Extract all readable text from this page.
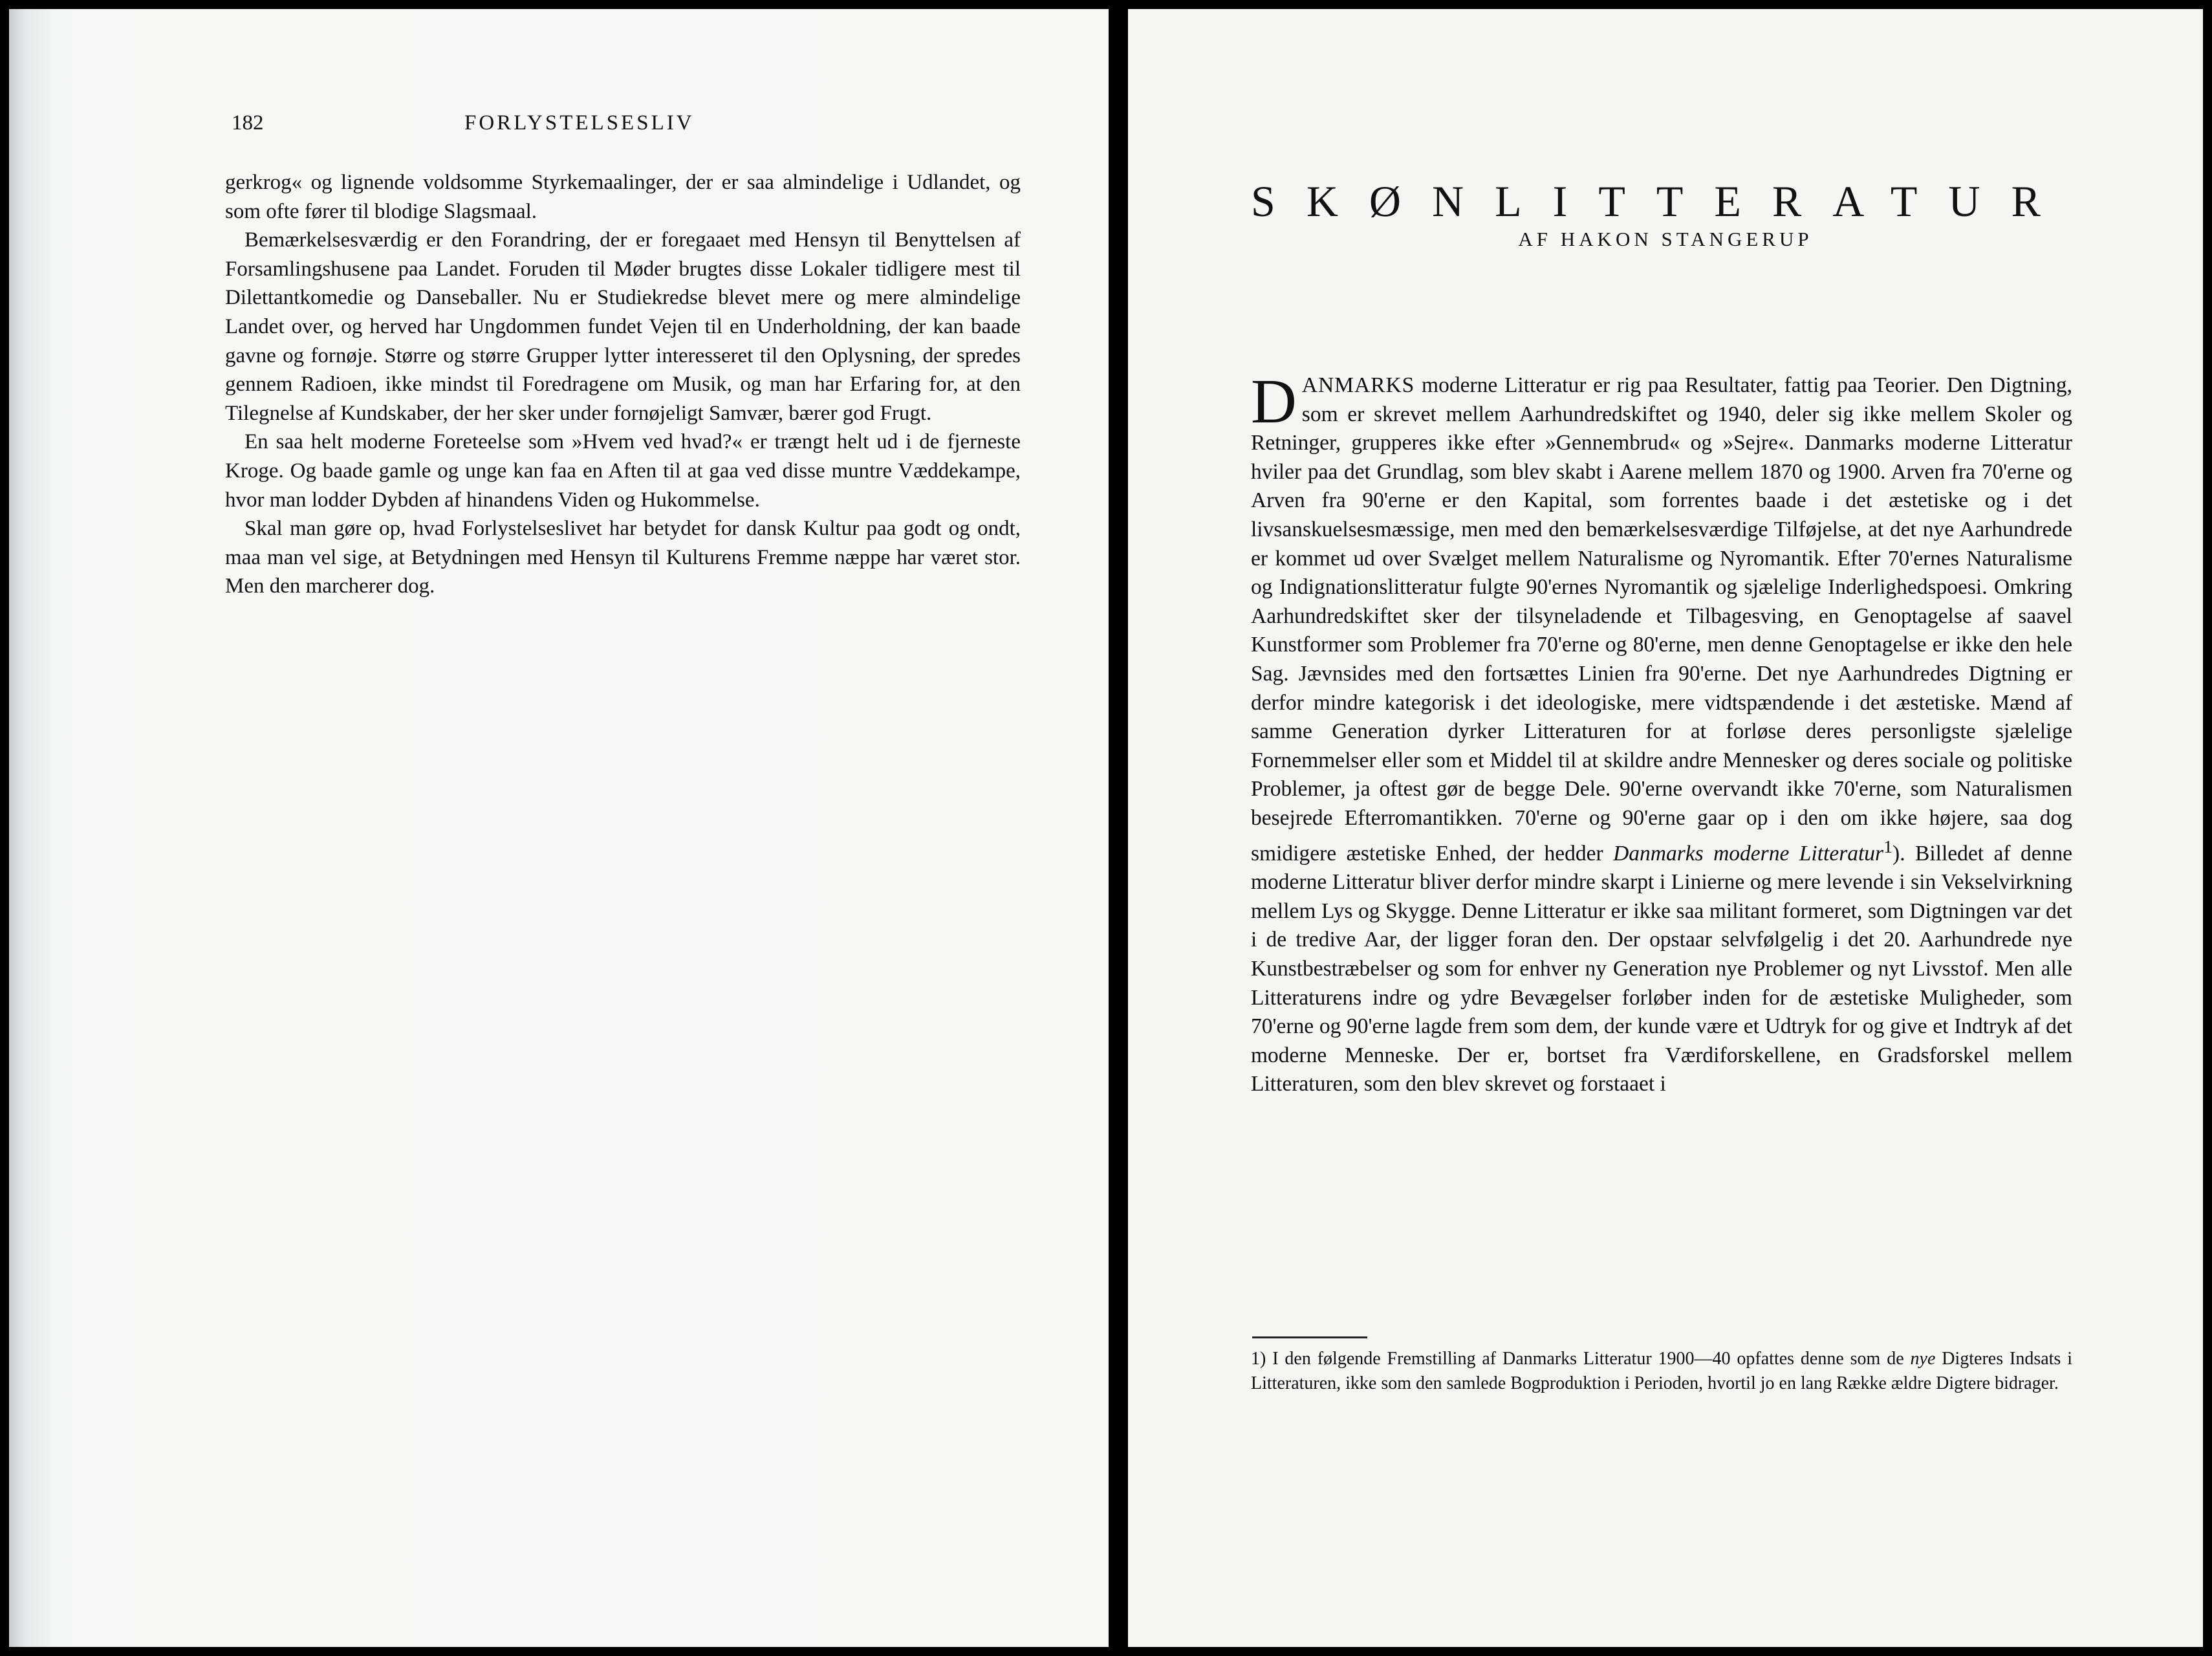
182	FORLYSTELSESLIV

gerkrog« og lignende voldsomme Styrkemaalinger, der er saa almindelige i Udlandet, og som ofte fører til blodige Slagsmaal.

Bemærkelsesværdig er den Forandring, der er foregaaet med Hensyn til Benyttelsen af Forsamlingshusene paa Landet. Foruden til Møder brugtes disse Lokaler tidligere mest til Dilettantkomedie og Danseballer. Nu er Studiekredse blevet mere og mere almindelige Landet over, og herved har Ungdommen fundet Vejen til en Underholdning, der kan baade gavne og fornøje. Større og større Grupper lytter interesseret til den Oplysning, der spredes gennem Radioen, ikke mindst til Foredragene om Musik, og man har Erfaring for, at den Tilegnelse af Kundskaber, der her sker under fornøjeligt Samvær, bærer god Frugt.

En saa helt moderne Foreteelse som »Hvem ved hvad?« er trængt helt ud i de fjerneste Kroge. Og baade gamle og unge kan faa en Aften til at gaa ved disse muntre Væddekampe, hvor man lodder Dybden af hinandens Viden og Hukommelse.

Skal man gøre op, hvad Forlystelseslivet har betydet for dansk Kultur paa godt og ondt, maa man vel sige, at Betydningen med Hensyn til Kulturens Fremme næppe har været stor. Men den marcherer dog.

SKØNLITTERATUR
AF HAKON STANGERUP

DANMARKS moderne Litteratur er rig paa Resultater, fattig paa Teorier. Den Digtning, som er skrevet mellem Aarhundredskiftet og 1940, deler sig ikke mellem Skoler og Retninger, grupperes ikke efter »Gennembrud« og »Sejre«. Danmarks moderne Litteratur hviler paa det Grundlag, som blev skabt i Aarene mellem 1870 og 1900. Arven fra 70'erne og Arven fra 90'erne er den Kapital, som forrentes baade i det æstetiske og i det livsanskuelsesmæssige, men med den bemærkelsesværdige Tilføjelse, at det nye Aarhundrede er kommet ud over Svælget mellem Naturalisme og Nyromantik. Efter 70'ernes Naturalisme og Indignationslitteratur fulgte 90'ernes Nyromantik og sjælelige Inderlighedspoesi. Omkring Aarhundredskiftet sker der tilsyneladende et Tilbagesving, en Genoptagelse af saavel Kunstformer som Problemer fra 70'erne og 80'erne, men denne Genoptagelse er ikke den hele Sag. Jævnsides med den fortsættes Linien fra 90'erne. Det nye Aarhundredes Digtning er derfor mindre kategorisk i det ideologiske, mere vidtspændende i det æstetiske. Mænd af samme Generation dyrker Litteraturen for at forløse deres personligste sjælelige Fornemmelser eller som et Middel til at skildre andre Mennesker og deres sociale og politiske Problemer, ja oftest gør de begge Dele. 90'erne overvandt ikke 70'erne, som Naturalismen besejrede Efterromantikken. 70'erne og 90'erne gaar op i den om ikke højere, saa dog smidigere æstetiske Enhed, der hedder Danmarks moderne Litteratur$^1$). Billedet af denne moderne Litteratur bliver derfor mindre skarpt i Linierne og mere levende i sin Vekselvirkning mellem Lys og Skygge. Denne Litteratur er ikke saa militant formeret, som Digtningen var det i de tredive Aar, der ligger foran den. Der opstaar selvfølgelig i det 20. Aarhundrede nye Kunstbestræbelser og som for enhver ny Generation nye Problemer og nyt Livsstof. Men alle Litteraturens indre og ydre Bevægelser forløber inden for de æstetiske Muligheder, som 70'erne og 90'erne lagde frem som dem, der kunde være et Udtryk for og give et Indtryk af det moderne Menneske. Der er, bortset fra Værdiforskellene, en Gradsforskel mellem Litteraturen, som den blev skrevet og forstaaet i

1) I den følgende Fremstilling af Danmarks Litteratur 1900—40 opfattes denne som de nye Digteres Indsats i Litteraturen, ikke som den samlede Bogproduktion i Perioden, hvortil jo en lang Række ældre Digtere bidrager.
